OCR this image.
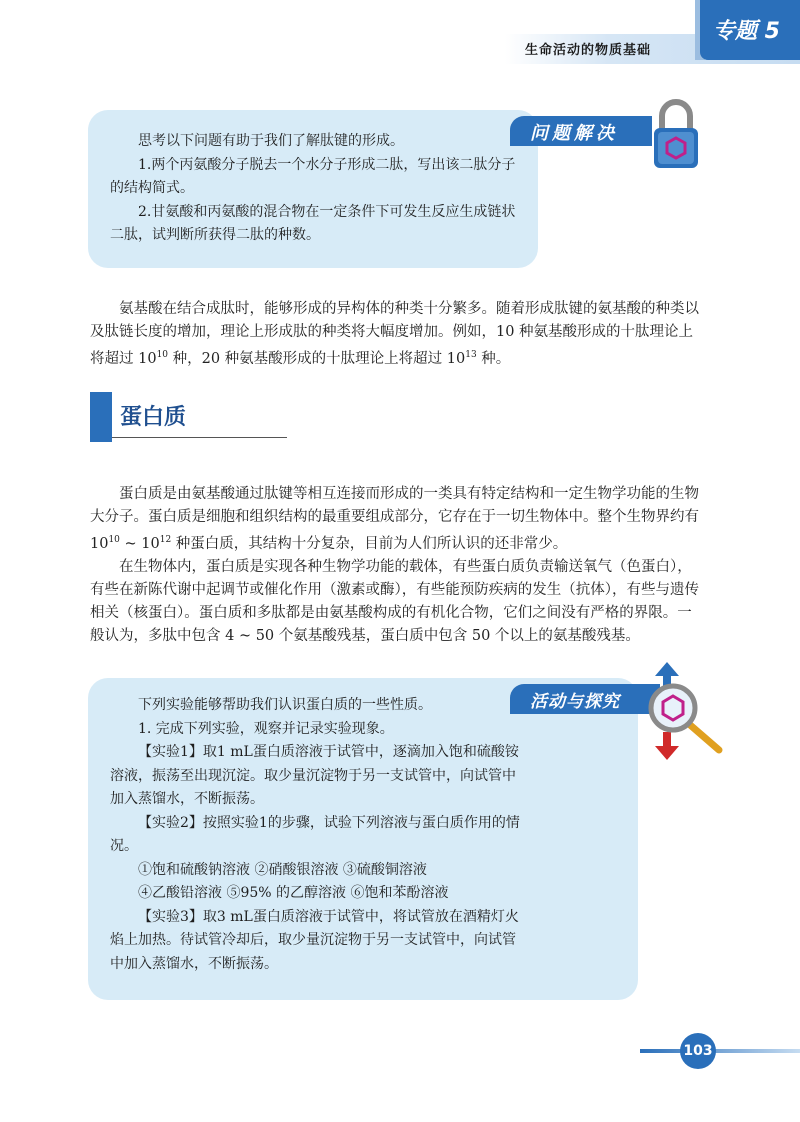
生命活动的物质基础
专题 5
问题解决

思考以下问题有助于我们了解肽键的形成。

1.两个丙氨酸分子脱去一个水分子形成二肽，写出该二肽分子的结构简式。

2.甘氨酸和丙氨酸的混合物在一定条件下可发生反应生成链状二肽，试判断所获得二肽的种数。

氨基酸在结合成肽时，能够形成的异构体的种类十分繁多。随着形成肽键的氨基酸的种类以及肽链长度的增加，理论上形成肽的种类将大幅度增加。例如，10 种氨基酸形成的十肽理论上将超过 $10^{10}$ 种，20 种氨基酸形成的十肽理论上将超过 $10^{13}$ 种。

蛋白质

蛋白质是由氨基酸通过肽键等相互连接而形成的一类具有特定结构和一定生物学功能的生物大分子。蛋白质是细胞和组织结构的最重要组成部分，它存在于一切生物体中。整个生物界约有 $10^{10}$ ~ $10^{12}$ 种蛋白质，其结构十分复杂，目前为人们所认识的还非常少。

在生物体内，蛋白质是实现各种生物学功能的载体，有些蛋白质负责输送氧气（色蛋白），有些在新陈代谢中起调节或催化作用（激素或酶），有些能预防疾病的发生（抗体），有些与遗传相关（核蛋白）。蛋白质和多肽都是由氨基酸构成的有机化合物，它们之间没有严格的界限。一般认为，多肽中包含 4 ~ 50 个氨基酸残基，蛋白质中包含 50 个以上的氨基酸残基。

活动与探究

下列实验能够帮助我们认识蛋白质的一些性质。

1. 完成下列实验，观察并记录实验现象。

【实验1】取1 mL蛋白质溶液于试管中，逐滴加入饱和硫酸铵溶液，振荡至出现沉淀。取少量沉淀物于另一支试管中，向试管中加入蒸馏水，不断振荡。

【实验2】按照实验1的步骤，试验下列溶液与蛋白质作用的情况。

①饱和硫酸钠溶液 ②硝酸银溶液 ③硫酸铜溶液

④乙酸铅溶液 ⑤95% 的乙醇溶液 ⑥饱和苯酚溶液

【实验3】取3 mL蛋白质溶液于试管中，将试管放在酒精灯火焰上加热。待试管冷却后，取少量沉淀物于另一支试管中，向试管中加入蒸馏水，不断振荡。

103
